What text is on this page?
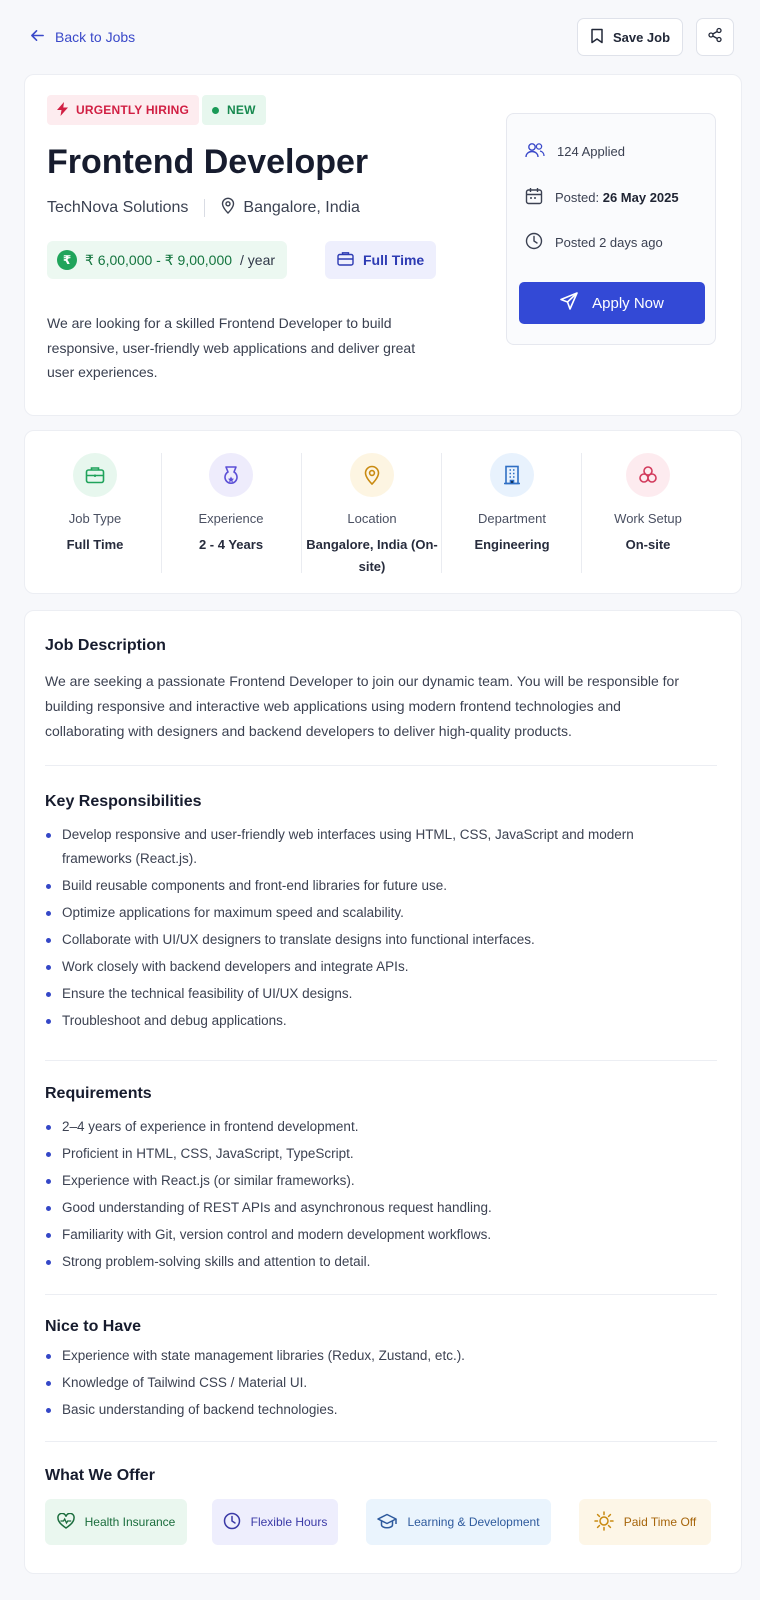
Back to Jobs	Save Job
URGENTLY HIRING	NEW
Frontend Developer
TechNova Solutions	Bangalore, India
₹ ₹ 6,00,000 - ₹ 9,00,000 / year	Full Time

We are looking for a skilled Frontend Developer to build responsive, user-friendly web applications and deliver great user experiences.

124 Applied
Posted: 26 May 2025
Posted 2 days ago
Apply Now
Job Type
Full Time
Experience
2 - 4 Years
Location
Bangalore, India (On-site)
Department
Engineering
Work Setup
On-site
Job Description

We are seeking a passionate Frontend Developer to join our dynamic team. You will be responsible for building responsive and interactive web applications using modern frontend technologies and collaborating with designers and backend developers to deliver high-quality products.

Key Responsibilities
Develop responsive and user-friendly web interfaces using HTML, CSS, JavaScript and modern frameworks (React.js).
Build reusable components and front-end libraries for future use.
Optimize applications for maximum speed and scalability.
Collaborate with UI/UX designers to translate designs into functional interfaces.
Work closely with backend developers and integrate APIs.
Ensure the technical feasibility of UI/UX designs.
Troubleshoot and debug applications.
Requirements
2–4 years of experience in frontend development.
Proficient in HTML, CSS, JavaScript, TypeScript.
Experience with React.js (or similar frameworks).
Good understanding of REST APIs and asynchronous request handling.
Familiarity with Git, version control and modern development workflows.
Strong problem-solving skills and attention to detail.
Nice to Have
Experience with state management libraries (Redux, Zustand, etc.).
Knowledge of Tailwind CSS / Material UI.
Basic understanding of backend technologies.
What We Offer
Health Insurance	Flexible Hours	Learning & Development	Paid Time Off
